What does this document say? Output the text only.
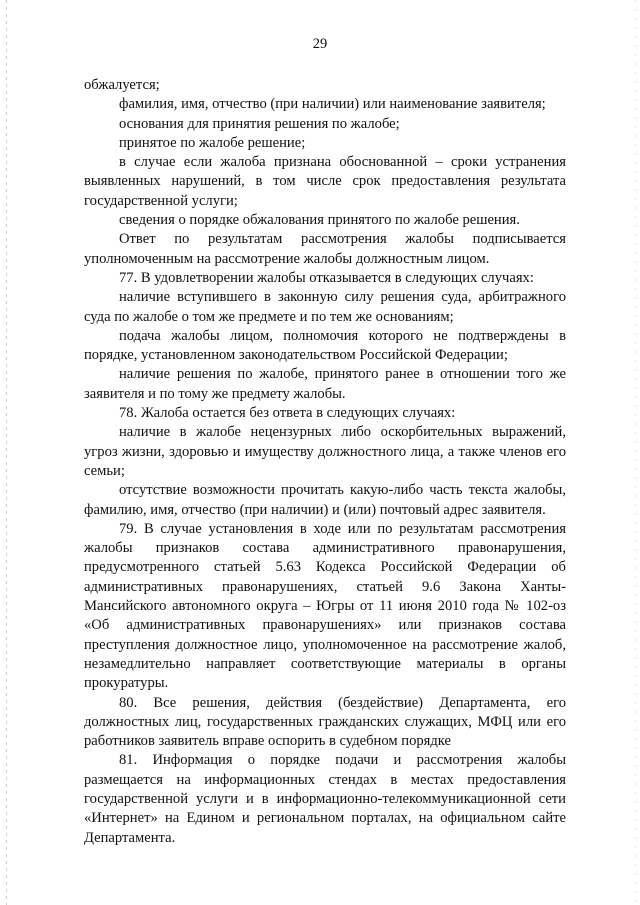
29

обжалуется;

фамилия, имя, отчество (при наличии) или наименование заявителя;

основания для принятия решения по жалобе;

принятое по жалобе решение;

в случае если жалоба признана обоснованной – сроки устранения выявленных нарушений, в том числе срок предоставления результата государственной услуги;

сведения о порядке обжалования принятого по жалобе решения.

Ответ по результатам рассмотрения жалобы подписывается уполномоченным на рассмотрение жалобы должностным лицом.

77. В удовлетворении жалобы отказывается в следующих случаях:

наличие вступившего в законную силу решения суда, арбитражного суда по жалобе о том же предмете и по тем же основаниям;

подача жалобы лицом, полномочия которого не подтверждены в порядке, установленном законодательством Российской Федерации;

наличие решения по жалобе, принятого ранее в отношении того же заявителя и по тому же предмету жалобы.

78. Жалоба остается без ответа в следующих случаях:

наличие в жалобе нецензурных либо оскорбительных выражений, угроз жизни, здоровью и имуществу должностного лица, а также членов его семьи;

отсутствие возможности прочитать какую-либо часть текста жалобы, фамилию, имя, отчество (при наличии) и (или) почтовый адрес заявителя.

79. В случае установления в ходе или по результатам рассмотрения жалобы признаков состава административного правонарушения, предусмотренного статьей 5.63 Кодекса Российской Федерации об административных правонарушениях, статьей 9.6 Закона Ханты-Мансийского автономного округа – Югры от 11 июня 2010 года № 102-оз «Об административных правонарушениях» или признаков состава преступления должностное лицо, уполномоченное на рассмотрение жалоб, незамедлительно направляет соответствующие материалы в органы прокуратуры.

80. Все решения, действия (бездействие) Департамента, его должностных лиц, государственных гражданских служащих, МФЦ или его работников заявитель вправе оспорить в судебном порядке

81. Информация о порядке подачи и рассмотрения жалобы размещается на информационных стендах в местах предоставления государственной услуги и в информационно-телекоммуникационной сети «Интернет» на Едином и региональном порталах, на официальном сайте Департамента.
